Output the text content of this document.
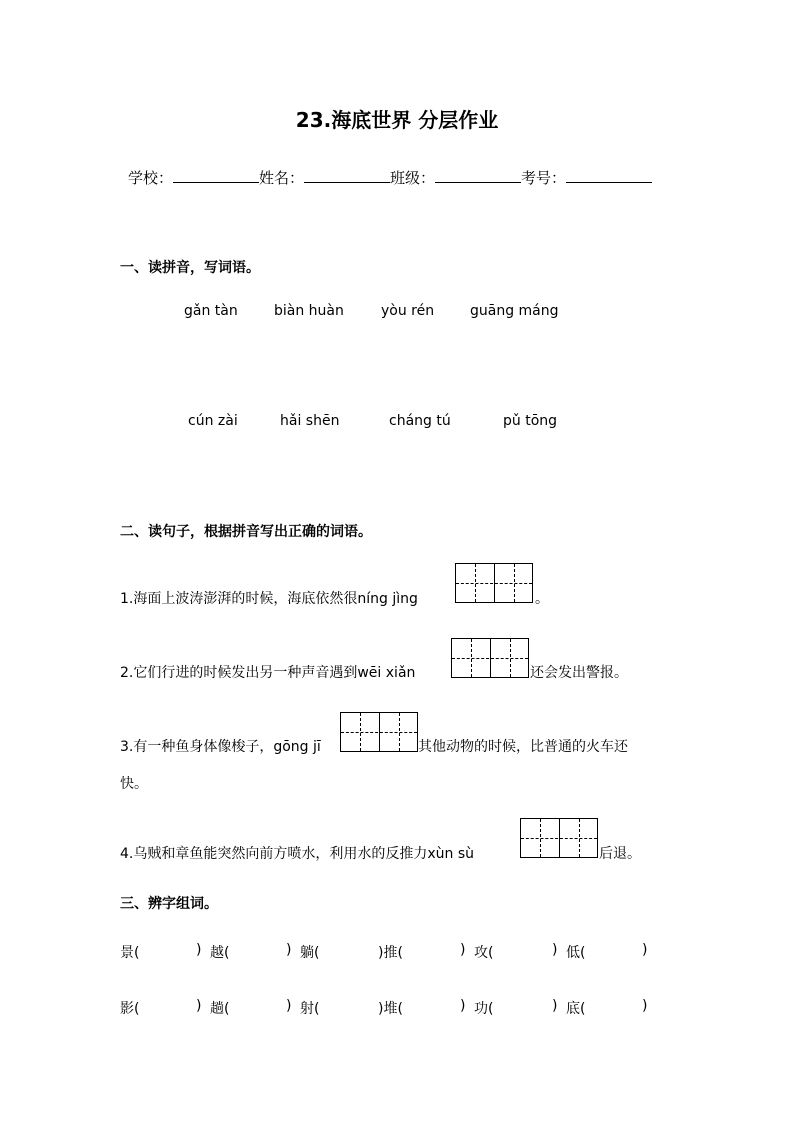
23.海底世界 分层作业
学校：	姓名：	班级：	考号：
一、读拼音，写词语。
gǎn tàn	biàn huàn	yòu rén	guāng máng
cún zài	hǎi shēn	cháng tú	pǔ tōng
二、读句子，根据拼音写出正确的词语。
1.海面上波涛澎湃的时候，海底依然很níng jìng	。
2.它们行进的时候发出另一种声音遇到wēi xiǎn	还会发出警报。
3.有一种鱼身体像梭子，gōng jī	其他动物的时候，比普通的火车还
快。
4.乌贼和章鱼能突然向前方喷水，利用水的反推力xùn sù	后退。
三、辨字组词。
景(	) 越(	) 躺(	)推(	) 攻(	) 低(	)
影(	) 趟(	) 射(	)堆(	) 功(	) 底(	)
